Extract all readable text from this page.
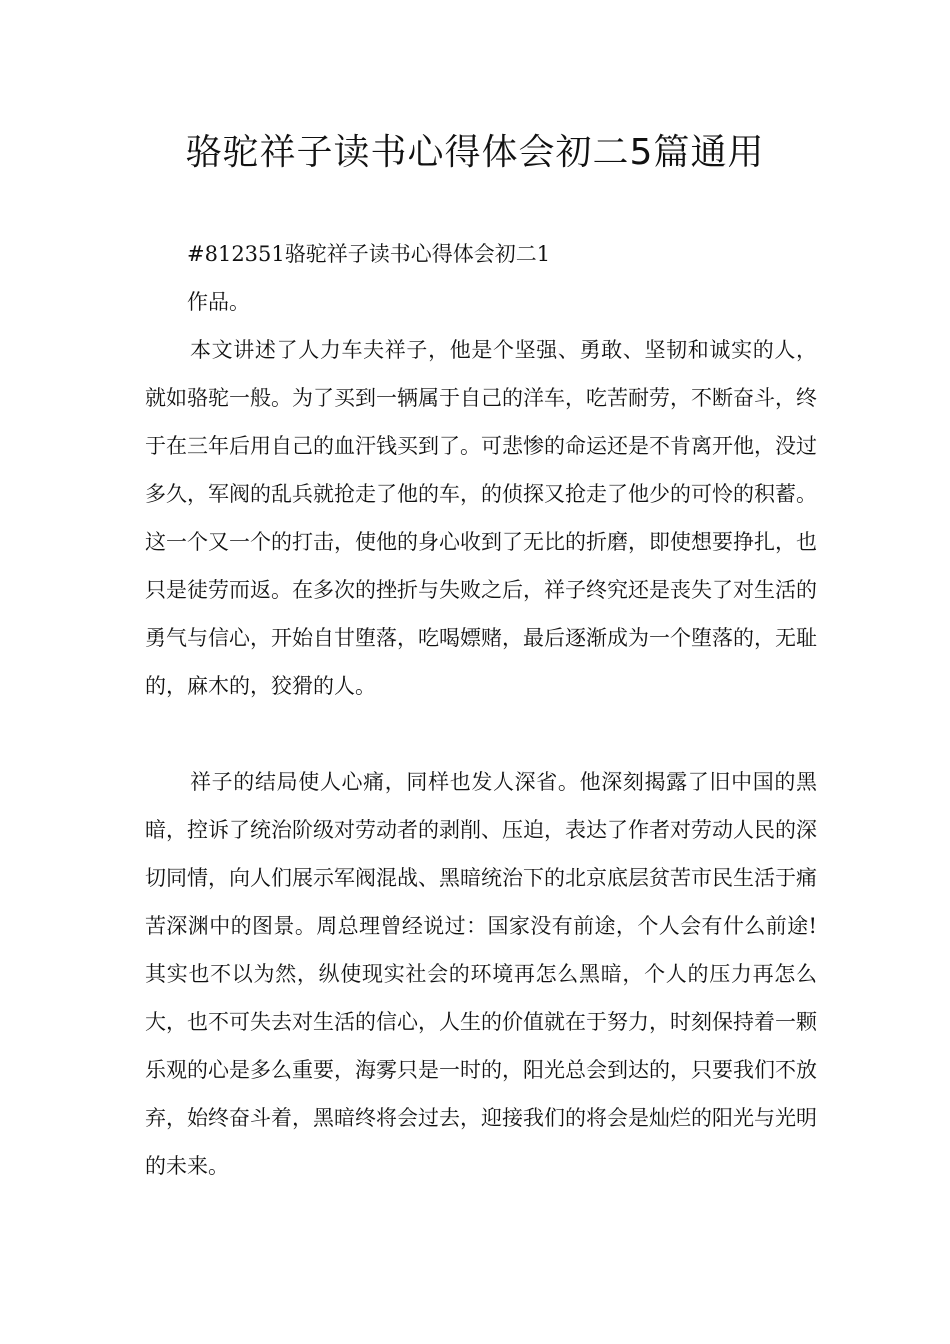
骆驼祥子读书心得体会初二5篇通用

#812351骆驼祥子读书心得体会初二1

作品。

本文讲述了人力车夫祥子，他是个坚强、勇敢、坚韧和诚实的人，就如骆驼一般。为了买到一辆属于自己的洋车，吃苦耐劳，不断奋斗，终于在三年后用自己的血汗钱买到了。可悲惨的命运还是不肯离开他，没过多久，军阀的乱兵就抢走了他的车，的侦探又抢走了他少的可怜的积蓄。这一个又一个的打击，使他的身心收到了无比的折磨，即使想要挣扎，也只是徒劳而返。在多次的挫折与失败之后，祥子终究还是丧失了对生活的勇气与信心，开始自甘堕落，吃喝嫖赌，最后逐渐成为一个堕落的，无耻的，麻木的，狡猾的人。

祥子的结局使人心痛，同样也发人深省。他深刻揭露了旧中国的黑暗，控诉了统治阶级对劳动者的剥削、压迫，表达了作者对劳动人民的深切同情，向人们展示军阀混战、黑暗统治下的北京底层贫苦市民生活于痛苦深渊中的图景。周总理曾经说过：国家没有前途，个人会有什么前途!其实也不以为然，纵使现实社会的环境再怎么黑暗，个人的压力再怎么大，也不可失去对生活的信心，人生的价值就在于努力，时刻保持着一颗乐观的心是多么重要，海雾只是一时的，阳光总会到达的，只要我们不放弃，始终奋斗着，黑暗终将会过去，迎接我们的将会是灿烂的阳光与光明的未来。
